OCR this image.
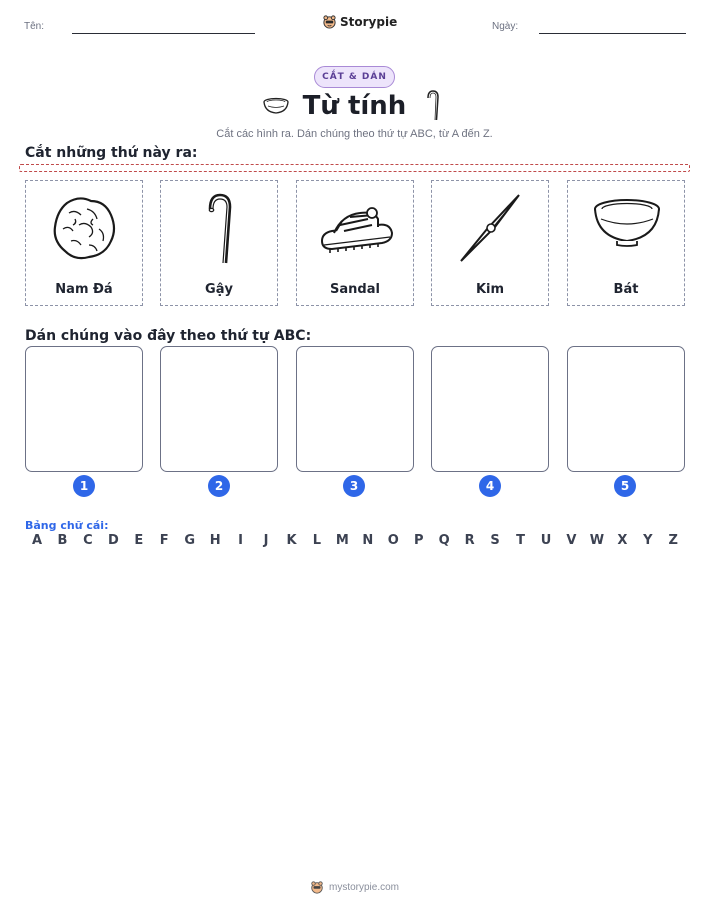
Tên:	Storypie	Ngày:
CẮT & DÁN
Từ tính
Cắt các hình ra. Dán chúng theo thứ tự ABC, từ A đến Z.
Cắt những thứ này ra:
Nam Đá	Gậy	Sandal	Kim	Bát
Dán chúng vào đây theo thứ tự ABC:
1	2	3	4	5
Bảng chữ cái:
A	B	C	D	E	F	G	H	I	J	K	L	M	N	O	P	Q	R	S	T	U	V	W	X	Y	Z
mystorypie.com
